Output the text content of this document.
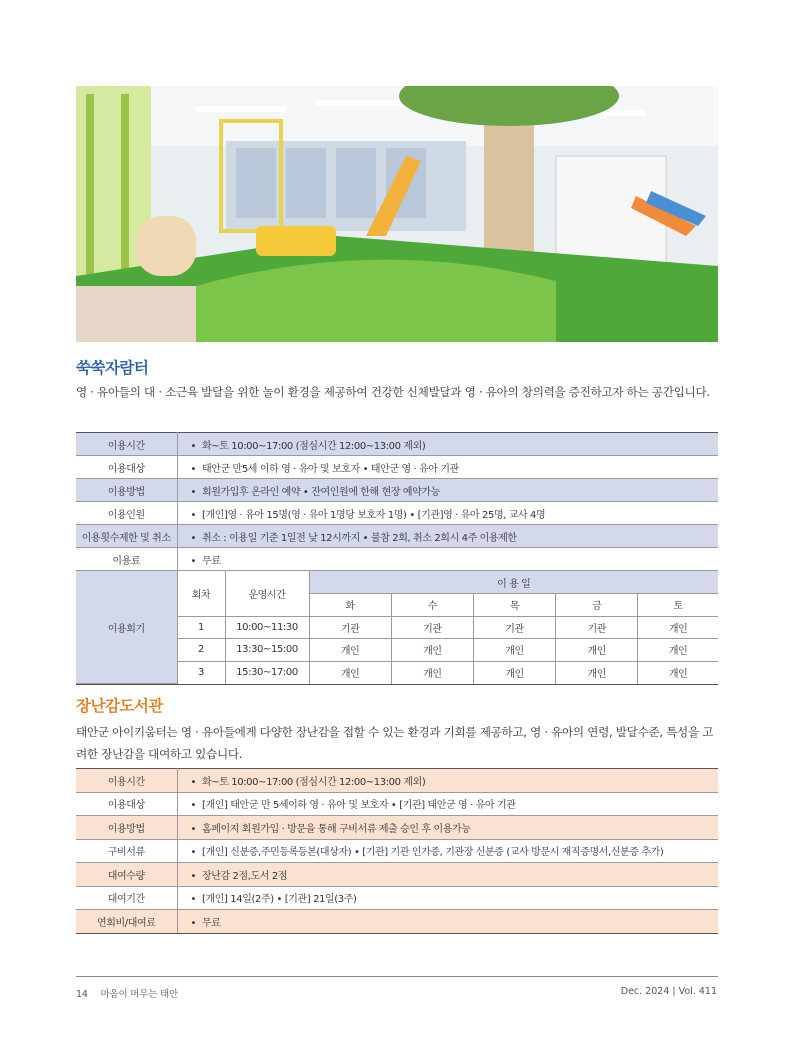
쑥쑥자람터
영 · 유아들의 대 · 소근육 발달을 위한 놀이 환경을 제공하여 건강한 신체발달과 영 · 유아의 창의력을 증진하고자 하는 공간입니다.
이용시간	• 화~토 10:00~17:00 (점심시간 12:00~13:00 제외)
이용대상	• 태안군 만5세 이하 영 · 유아 및 보호자 • 태안군 영 · 유아 기관
이용방법	• 회원가입후 온라인 예약 • 잔여인원에 한해 현장 예약가능
이용인원	• [개인]영 · 유아 15명(영 · 유아 1명당 보호자 1명) • [기관]영 · 유아 25명, 교사 4명
이용횟수제한 및 취소	• 취소 : 이용일 기준 1일전 낮 12시까지 • 불참 2회, 취소 2회시 4주 이용제한
이용료	• 무료
이용회기	회차	운영시간	이 용 일				
			화	수	목	금	토
	1	10:00~11:30	기관	기관	기관	기관	개인
	2	13:30~15:00	개인	개인	개인	개인	개인
	3	15:30~17:00	개인	개인	개인	개인	개인
장난감도서관
태안군 아이키움터는 영 · 유아들에게 다양한 장난감을 접할 수 있는 환경과 기회를 제공하고, 영 · 유아의 연령, 발달수준, 특성을 고려한 장난감을 대여하고 있습니다.
이용시간	• 화~토 10:00~17:00 (점심시간 12:00~13:00 제외)
이용대상	• [개인] 태안군 만 5세이하 영 · 유아 및 보호자 • [기관] 태안군 영 · 유아 기관
이용방법	• 홈페이지 회원가입 · 방문을 통해 구비서류 제출 승인 후 이용가능
구비서류	• [개인] 신분증,주민등록등본(대상자) • [기관] 기관 인가증, 기관장 신분증 (교사 방문시 재직증명서,신분증 추가)
대여수량	• 장난감 2점,도서 2점
대여기간	• [개인] 14일(2주) • [기관] 21일(3주)
연회비/대여료	• 무료
14 마음이 머무는 태안	Dec. 2024 | Vol. 411
